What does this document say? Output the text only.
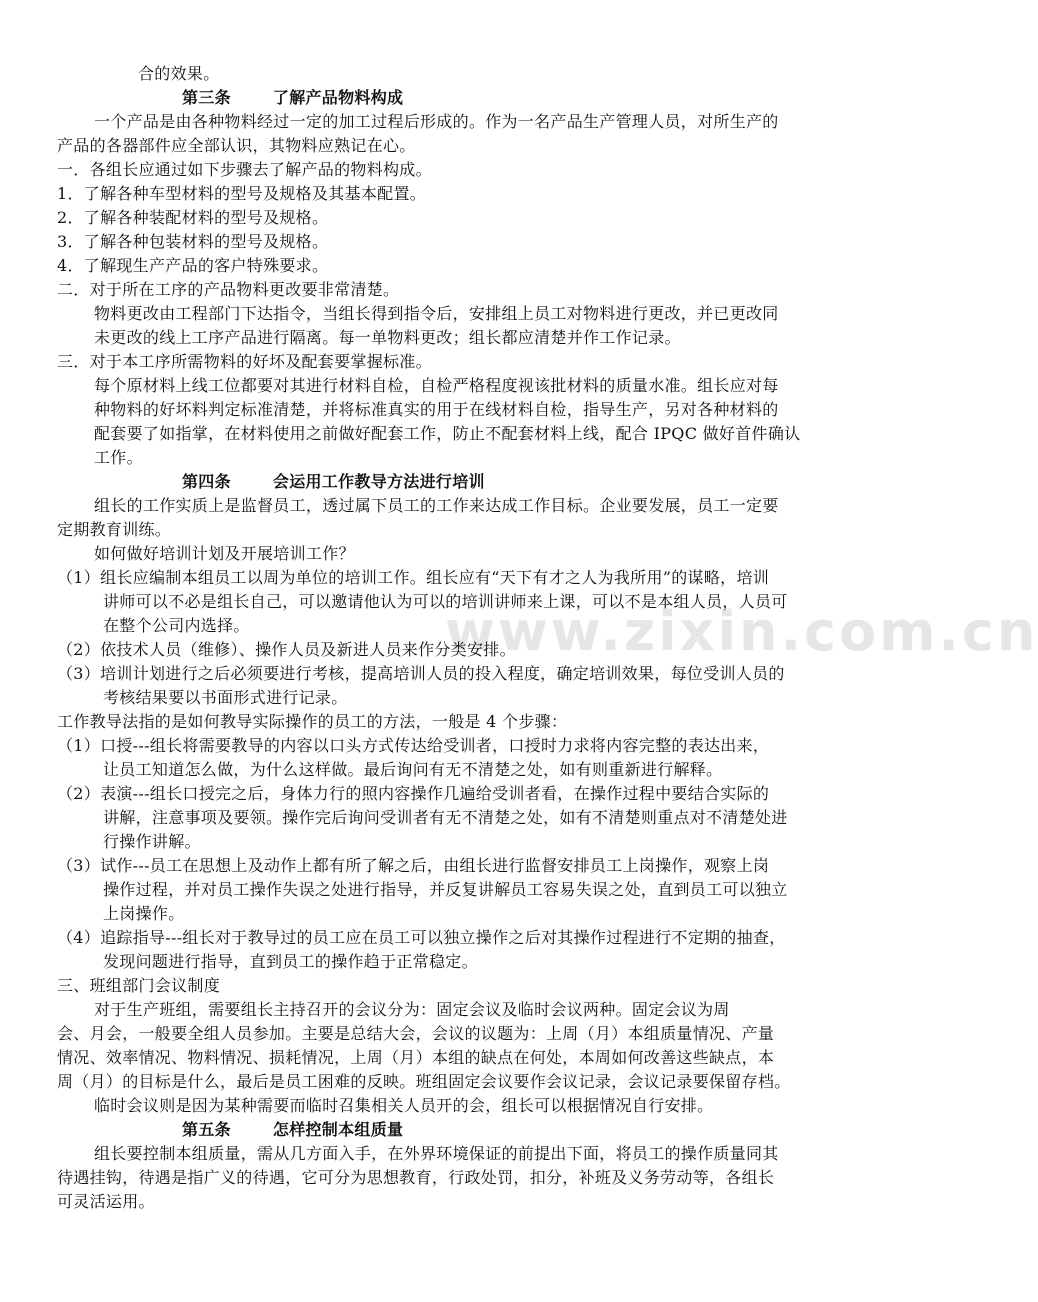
www.zixin.com.cn
合的效果。
第三条	了解产品物料构成
一个产品是由各种物料经过一定的加工过程后形成的。作为一名产品生产管理人员，对所生产的
产品的各器部件应全部认识，其物料应熟记在心。
一．各组长应通过如下步骤去了解产品的物料构成。
1．了解各种车型材料的型号及规格及其基本配置。
2．了解各种装配材料的型号及规格。
3．了解各种包装材料的型号及规格。
4．了解现生产产品的客户特殊要求。
二．对于所在工序的产品物料更改要非常清楚。
物料更改由工程部门下达指令，当组长得到指令后，安排组上员工对物料进行更改，并已更改同
未更改的线上工序产品进行隔离。每一单物料更改；组长都应清楚并作工作记录。
三．对于本工序所需物料的好坏及配套要掌握标准。
每个原材料上线工位都要对其进行材料自检，自检严格程度视该批材料的质量水准。组长应对每
种物料的好坏料判定标准清楚，并将标准真实的用于在线材料自检，指导生产，另对各种材料的
配套要了如指掌，在材料使用之前做好配套工作，防止不配套材料上线，配合 IPQC 做好首件确认
工作。
第四条	会运用工作教导方法进行培训
组长的工作实质上是监督员工，透过属下员工的工作来达成工作目标。企业要发展，员工一定要
定期教育训练。
如何做好培训计划及开展培训工作？
（1）组长应编制本组员工以周为单位的培训工作。组长应有“天下有才之人为我所用”的谋略，培训
讲师可以不必是组长自己，可以邀请他认为可以的培训讲师来上课，可以不是本组人员，人员可
在整个公司内选择。
（2）依技术人员（维修）、操作人员及新进人员来作分类安排。
（3）培训计划进行之后必须要进行考核，提高培训人员的投入程度，确定培训效果，每位受训人员的
考核结果要以书面形式进行记录。
工作教导法指的是如何教导实际操作的员工的方法，一般是 4 个步骤：
（1）口授---组长将需要教导的内容以口头方式传达给受训者，口授时力求将内容完整的表达出来，
让员工知道怎么做，为什么这样做。最后询问有无不清楚之处，如有则重新进行解释。
（2）表演---组长口授完之后，身体力行的照内容操作几遍给受训者看，在操作过程中要结合实际的
讲解，注意事项及要领。操作完后询问受训者有无不清楚之处，如有不清楚则重点对不清楚处进
行操作讲解。
（3）试作---员工在思想上及动作上都有所了解之后，由组长进行监督安排员工上岗操作，观察上岗
操作过程，并对员工操作失误之处进行指导，并反复讲解员工容易失误之处，直到员工可以独立
上岗操作。
（4）追踪指导---组长对于教导过的员工应在员工可以独立操作之后对其操作过程进行不定期的抽查，
发现问题进行指导，直到员工的操作趋于正常稳定。
三、班组部门会议制度
对于生产班组，需要组长主持召开的会议分为：固定会议及临时会议两种。固定会议为周
会、月会，一般要全组人员参加。主要是总结大会，会议的议题为：上周（月）本组质量情况、产量
情况、效率情况、物料情况、损耗情况，上周（月）本组的缺点在何处，本周如何改善这些缺点，本
周（月）的目标是什么，最后是员工困难的反映。班组固定会议要作会议记录，会议记录要保留存档。
临时会议则是因为某种需要而临时召集相关人员开的会，组长可以根据情况自行安排。
第五条	怎样控制本组质量
组长要控制本组质量，需从几方面入手，在外界环境保证的前提出下面，将员工的操作质量同其
待遇挂钩，待遇是指广义的待遇，它可分为思想教育，行政处罚，扣分，补班及义务劳动等，各组长
可灵活运用。
